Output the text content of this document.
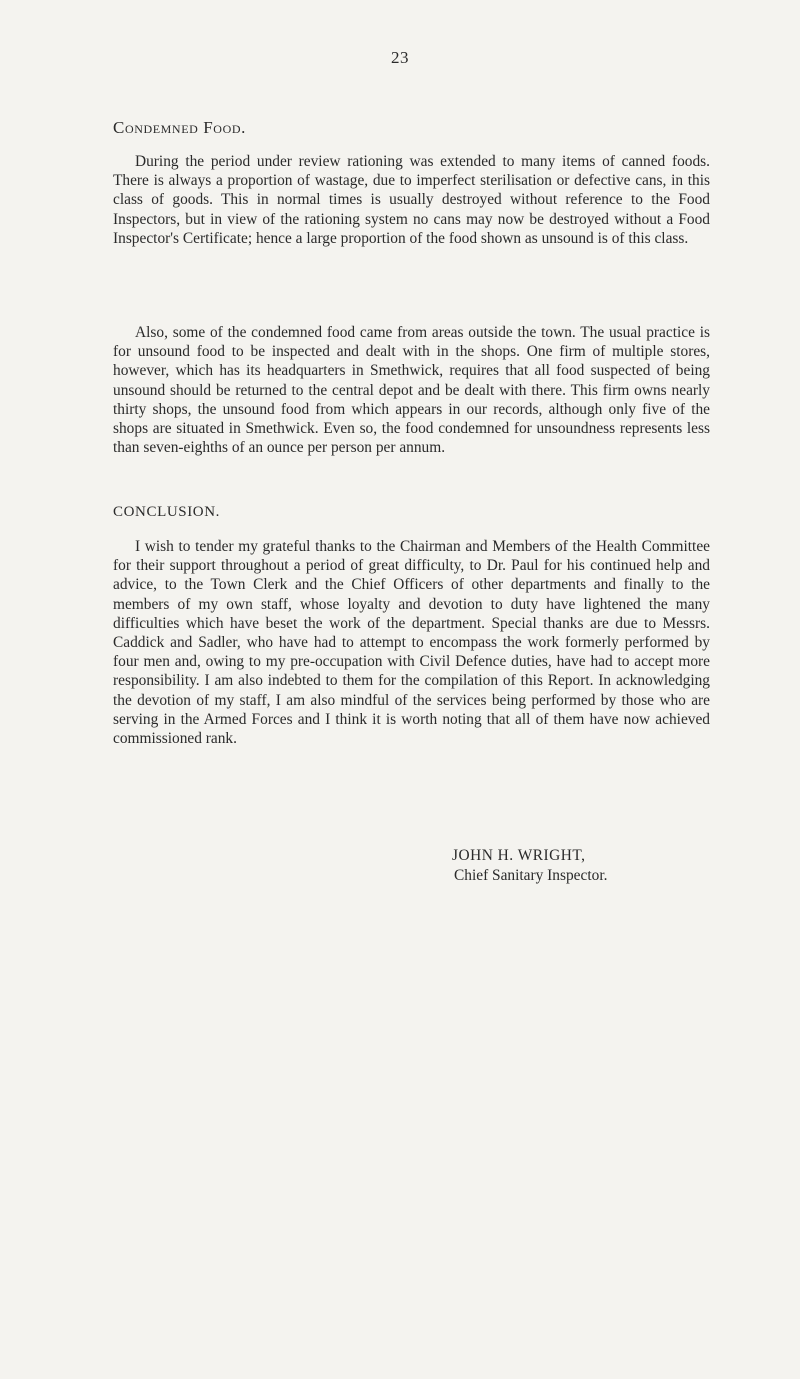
23
Condemned Food.

During the period under review rationing was extended to many items of canned foods. There is always a proportion of wastage, due to imperfect sterilisation or defective cans, in this class of goods. This in normal times is usually destroyed without reference to the Food Inspectors, but in view of the rationing system no cans may now be destroyed without a Food Inspector's Certificate; hence a large proportion of the food shown as unsound is of this class.

Also, some of the condemned food came from areas outside the town. The usual practice is for unsound food to be inspected and dealt with in the shops. One firm of multiple stores, however, which has its headquarters in Smethwick, requires that all food suspected of being unsound should be returned to the central depot and be dealt with there. This firm owns nearly thirty shops, the unsound food from which appears in our records, although only five of the shops are situated in Smethwick. Even so, the food condemned for unsoundness represents less than seven-eighths of an ounce per person per annum.

CONCLUSION.

I wish to tender my grateful thanks to the Chairman and Members of the Health Committee for their support throughout a period of great difficulty, to Dr. Paul for his continued help and advice, to the Town Clerk and the Chief Officers of other departments and finally to the members of my own staff, whose loyalty and devotion to duty have lightened the many difficulties which have beset the work of the department. Special thanks are due to Messrs. Caddick and Sadler, who have had to attempt to encompass the work formerly performed by four men and, owing to my pre-occupation with Civil Defence duties, have had to accept more responsibility. I am also indebted to them for the compilation of this Report. In acknowledging the devotion of my staff, I am also mindful of the services being performed by those who are serving in the Armed Forces and I think it is worth noting that all of them have now achieved commissioned rank.

JOHN H. WRIGHT,
Chief Sanitary Inspector.
